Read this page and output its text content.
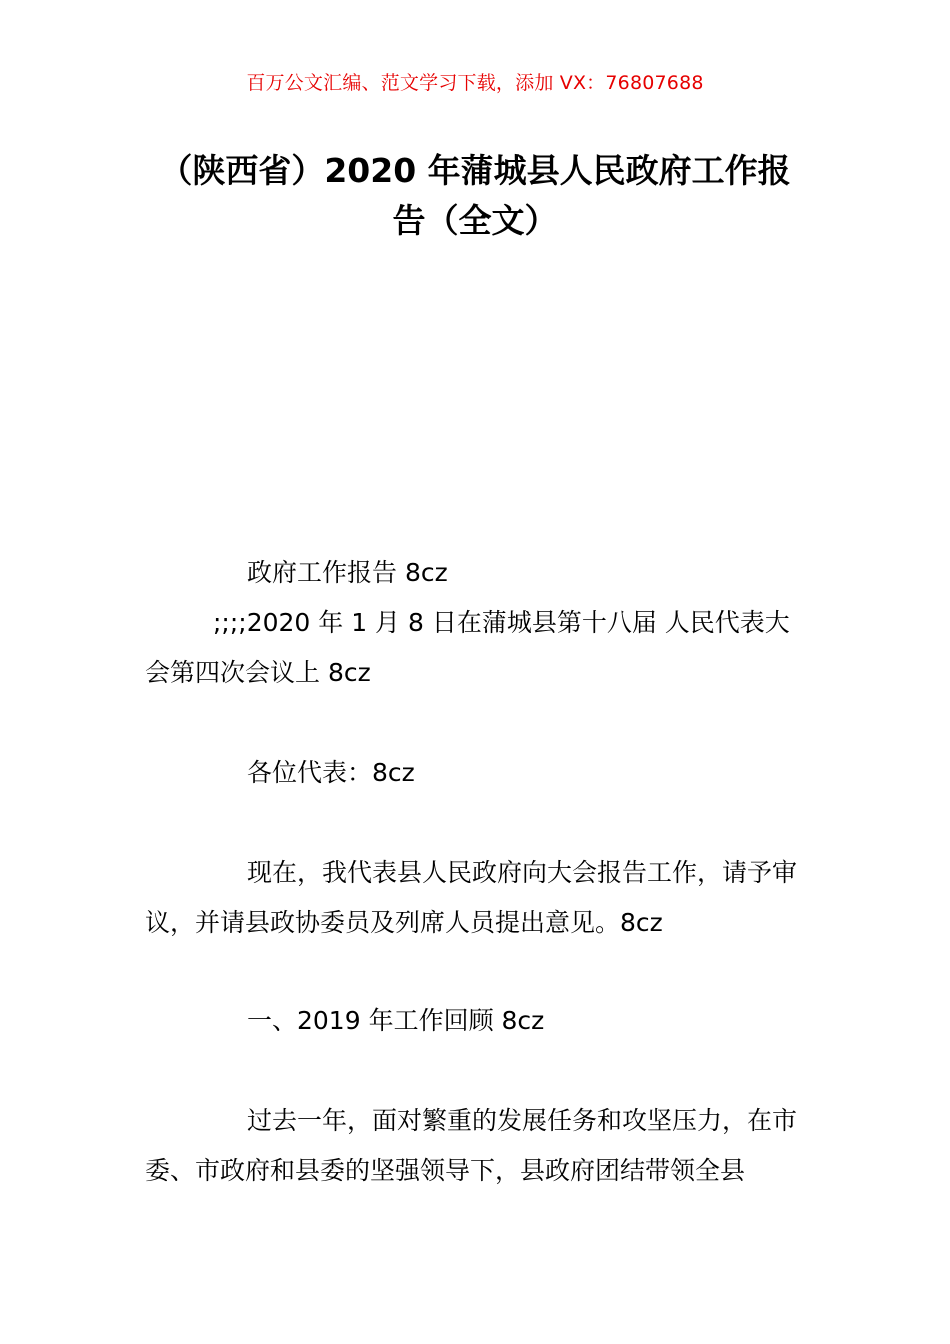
百万公文汇编、范文学习下载，添加 VX：76807688
（陕西省）2020 年蒲城县人民政府工作报
告（全文）

政府工作报告 8cz

;;;;2020 年 1 月 8 日在蒲城县第十八届 人民代表大会第四次会议上 8cz

各位代表：8cz

现在，我代表县人民政府向大会报告工作，请予审议，并请县政协委员及列席人员提出意见。8cz

一、2019 年工作回顾 8cz

过去一年，面对繁重的发展任务和攻坚压力，在市委、市政府和县委的坚强领导下，县政府团结带领全县
